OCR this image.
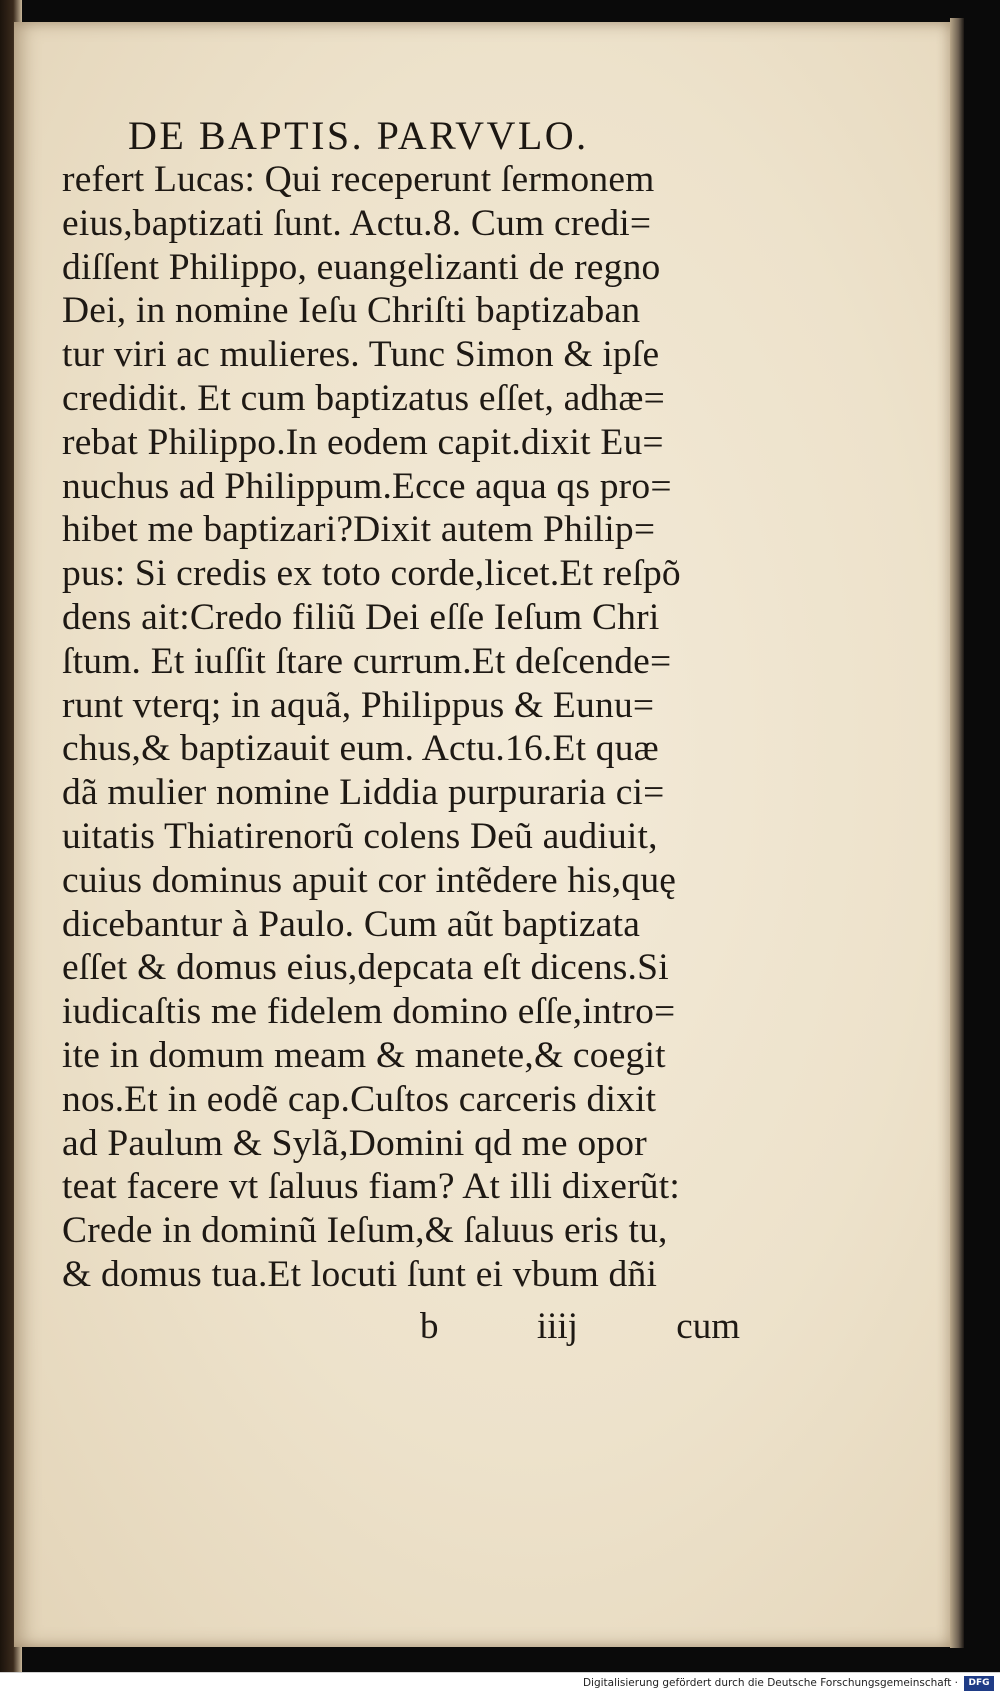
DE BAPTIS. PARVVLO.
refert Lucas: Qui receperunt ſermonem
eius,baptizati ſunt. Actu.8. Cum credi=
diſſent Philippo, euangelizanti de regno
Dei, in nomine Ieſu Chriſti baptizaban
tur viri ac mulieres. Tunc Simon & ipſe
credidit. Et cum baptizatus eſſet, adhæ=
rebat Philippo.In eodem capit.dixit Eu=
nuchus ad Philippum.Ecce aqua qs pro=
hibet me baptizari?Dixit autem Philip=
pus: Si credis ex toto corde,licet.Et reſpõ
dens ait:Credo filiũ Dei eſſe Ieſum Chri
ſtum. Et iuſſit ſtare currum.Et deſcende=
runt vterq; in aquã, Philippus & Eunu=
chus,& baptizauit eum. Actu.16.Et quæ
dã mulier nomine Liddia purpuraria ci=
uitatis Thiatirenorũ colens Deũ audiuit,
cuius dominus apuit cor intẽdere his,quę
dicebantur à Paulo. Cum aũt baptizata
eſſet & domus eius,depcata eſt dicens.Si
iudicaſtis me fidelem domino eſſe,intro=
ite in domum meam & manete,& coegit
nos.Et in eodẽ cap.Cuſtos carceris dixit
ad Paulum & Sylã,Domini qd me opor
teat facere vt ſaluus fiam? At illi dixerũt:
Crede in dominũ Ieſum,& ſaluus eris tu,
& domus tua.Et locuti ſunt ei vbum dñi
b	iiij	cum
Digitalisierung gefördert durch die Deutsche Forschungsgemeinschaft ·	DFG
